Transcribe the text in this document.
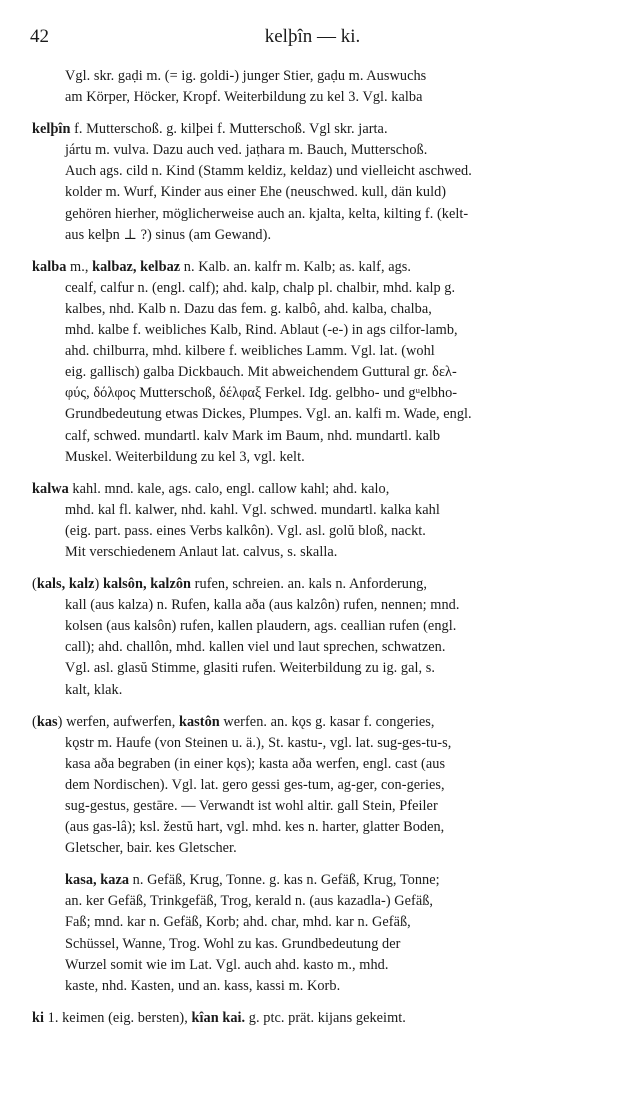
42	kelþîn — ki.
Vgl. skr. gaḍi m. (= ig. goldi-) junger Stier, gaḍu m. Auswuchs
am Körper, Höcker, Kropf. Weiterbildung zu kel 3. Vgl. kalba
kelþîn f. Mutterschoß. g. kilþei f. Mutterschoß. Vgl skr. jarta.
jártu m. vulva. Dazu auch ved. jaṭhara m. Bauch, Mutterschoß.
Auch ags. cild n. Kind (Stamm keldiz, keldaz) und vielleicht aschwed.
kolder m. Wurf, Kinder aus einer Ehe (neuschwed. kull, dän kuld)
gehören hierher, möglicherweise auch an. kjalta, kelta, kilting f. (kelt-
aus kelþn ⊥ ?) sinus (am Gewand).
kalba m., kalbaz, kelbaz n. Kalb. an. kalfr m. Kalb; as. kalf, ags.
cealf, calfur n. (engl. calf); ahd. kalp, chalp pl. chalbir, mhd. kalp g.
kalbes, nhd. Kalb n. Dazu das fem. g. kalbô, ahd. kalba, chalba,
mhd. kalbe f. weibliches Kalb, Rind. Ablaut (-e-) in ags cilfor-lamb,
ahd. chilburra, mhd. kilbere f. weibliches Lamm. Vgl. lat. (wohl
eig. gallisch) galba Dickbauch. Mit abweichendem Guttural gr. δελ-
φύς, δόλφος Mutterschoß, δέλφαξ Ferkel. Idg. gelbho- und gᵘelbho-
Grundbedeutung etwas Dickes, Plumpes. Vgl. an. kalfi m. Wade, engl.
calf, schwed. mundartl. kalv Mark im Baum, nhd. mundartl. kalb
Muskel. Weiterbildung zu kel 3, vgl. kelt.
kalwa kahl. mnd. kale, ags. calo, engl. callow kahl; ahd. kalo,
mhd. kal fl. kalwer, nhd. kahl. Vgl. schwed. mundartl. kalka kahl
(eig. part. pass. eines Verbs kalkôn). Vgl. asl. golŭ bloß, nackt.
Mit verschiedenem Anlaut lat. calvus, s. skalla.
(kals, kalz) kalsôn, kalzôn rufen, schreien. an. kals n. Anforderung,
kall (aus kalza) n. Rufen, kalla aða (aus kalzôn) rufen, nennen; mnd.
kolsen (aus kalsôn) rufen, kallen plaudern, ags. ceallian rufen (engl.
call); ahd. challôn, mhd. kallen viel und laut sprechen, schwatzen.
Vgl. asl. glasŭ Stimme, glasiti rufen. Weiterbildung zu ig. gal, s.
kalt, klak.
(kas) werfen, aufwerfen, kastôn werfen. an. kǫs g. kasar f. congeries,
kǫstr m. Haufe (von Steinen u. ä.), St. kastu-, vgl. lat. sug-ges-tu-s,
kasa aða begraben (in einer kǫs); kasta aða werfen, engl. cast (aus
dem Nordischen). Vgl. lat. gero gessi ges-tum, ag-ger, con-geries,
sug-gestus, gestāre. — Verwandt ist wohl altir. gall Stein, Pfeiler
(aus gas-lâ); ksl. žestŭ hart, vgl. mhd. kes n. harter, glatter Boden,
Gletscher, bair. kes Gletscher.
kasa, kaza n. Gefäß, Krug, Tonne. g. kas n. Gefäß, Krug, Tonne;
an. ker Gefäß, Trinkgefäß, Trog, kerald n. (aus kazadla-) Gefäß,
Faß; mnd. kar n. Gefäß, Korb; ahd. char, mhd. kar n. Gefäß,
Schüssel, Wanne, Trog. Wohl zu kas. Grundbedeutung der
Wurzel somit wie im Lat. Vgl. auch ahd. kasto m., mhd.
kaste, nhd. Kasten, und an. kass, kassi m. Korb.
ki 1. keimen (eig. bersten), kîan kai. g. ptc. prät. kijans gekeimt.
